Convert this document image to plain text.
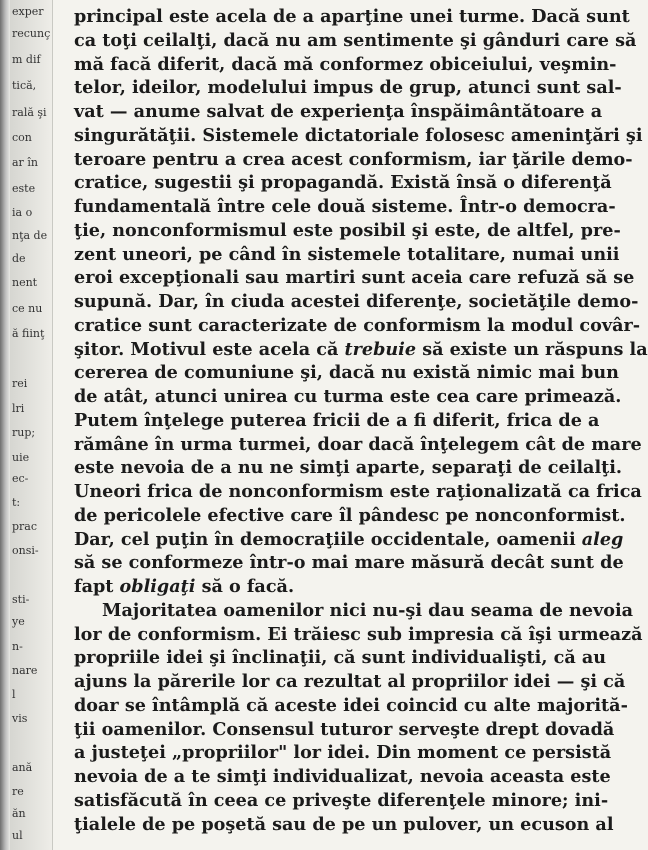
exper
recunç
m dif
tică,
rală şi
con
ar în
este
ia o
nţa de
de
nent
ce nu
ă fiinţ
rei
lri
rup;
uie
ec-
t:
prac
onsi-
sti-
ye
n-
nare
l
vis
ană
re
ăn
ul
principal este acela de a aparţine unei turme. Dacă sunt
ca toţi ceilalţi, dacă nu am sentimente şi gânduri care să
mă facă diferit, dacă mă conformez obiceiului, veşmin-
telor, ideilor, modelului impus de grup, atunci sunt sal-
vat — anume salvat de experienţa înspăimântătoare a
singurătăţii. Sistemele dictatoriale folosesc ameninţări şi
teroare pentru a crea acest conformism, iar ţările demo-
cratice, sugestii şi propagandă. Există însă o diferenţă
fundamentală între cele două sisteme. Într-o democra-
ţie, nonconformismul este posibil şi este, de altfel, pre-
zent uneori, pe când în sistemele totalitare, numai unii
eroi excepţionali sau martiri sunt aceia care refuză să se
supună. Dar, în ciuda acestei diferenţe, societăţile demo-
cratice sunt caracterizate de conformism la modul covâr-
şitor. Motivul este acela că trebuie să existe un răspuns la
cererea de comuniune şi, dacă nu există nimic mai bun
de atât, atunci unirea cu turma este cea care primează.
Putem înţelege puterea fricii de a fi diferit, frica de a
rămâne în urma turmei, doar dacă înţelegem cât de mare
este nevoia de a nu ne simţi aparte, separaţi de ceilalţi.
Uneori frica de nonconformism este raţionalizată ca frica
de pericolele efective care îl pândesc pe nonconformist.
Dar, cel puţin în democraţiile occidentale, oamenii aleg
să se conformeze într-o mai mare măsură decât sunt de
fapt obligaţi să o facă.
Majoritatea oamenilor nici nu-şi dau seama de nevoia
lor de conformism. Ei trăiesc sub impresia că îşi urmează
propriile idei şi înclinaţii, că sunt individualişti, că au
ajuns la părerile lor ca rezultat al propriilor idei — şi că
doar se întâmplă că aceste idei coincid cu alte majorită-
ţii oamenilor. Consensul tuturor serveşte drept dovadă
a justeţei „propriilor" lor idei. Din moment ce persistă
nevoia de a te simţi individualizat, nevoia aceasta este
satisfăcută în ceea ce priveşte diferenţele minore; ini-
ţialele de pe poşetă sau de pe un pulover, un ecuson al
